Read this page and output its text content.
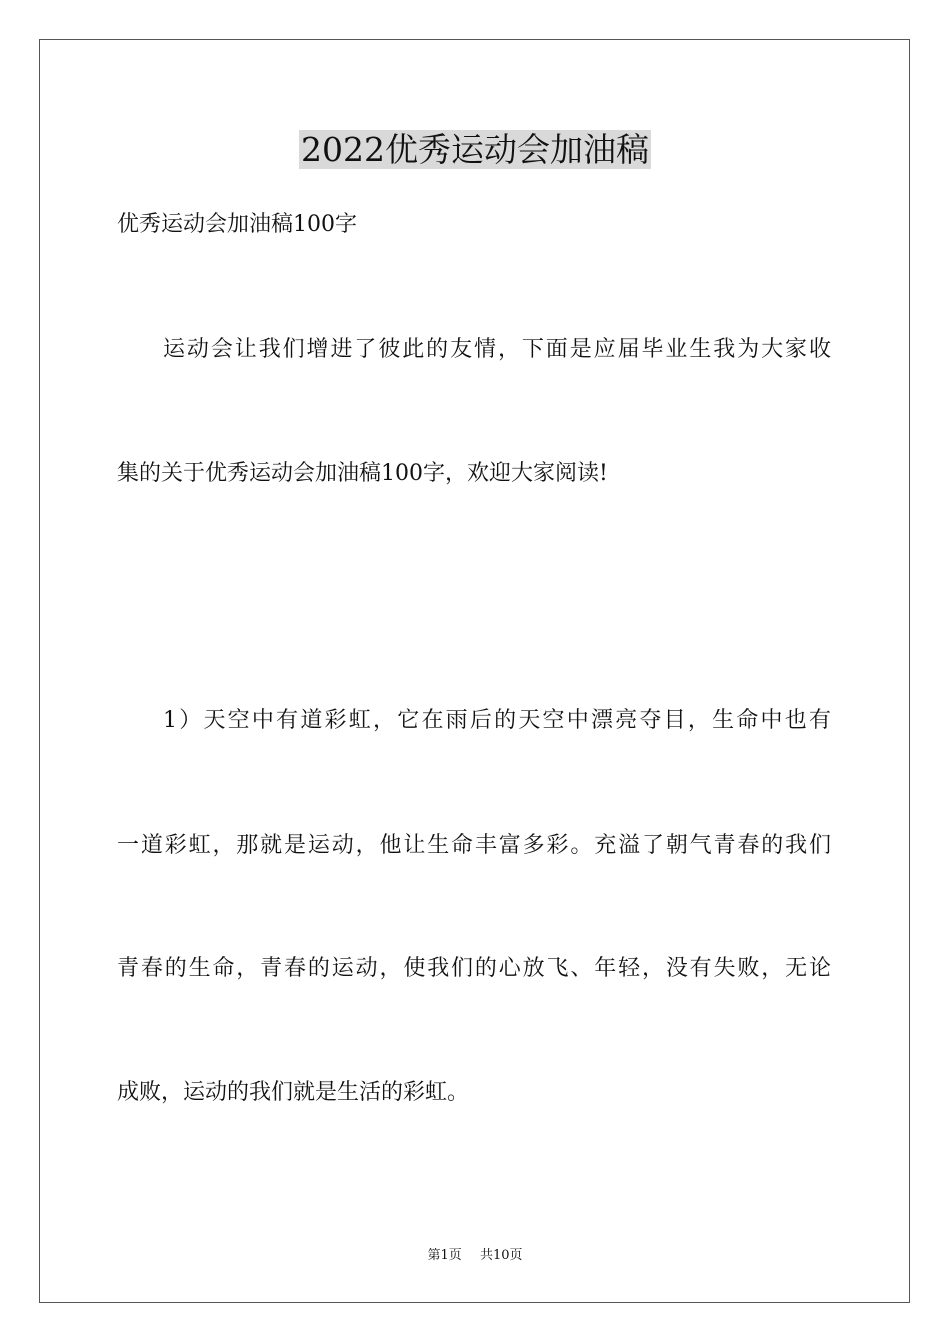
2022优秀运动会加油稿
优秀运动会加油稿100字
运动会让我们增进了彼此的友情，下面是应届毕业生我为大家收
集的关于优秀运动会加油稿100字，欢迎大家阅读!
1）天空中有道彩虹，它在雨后的天空中漂亮夺目，生命中也有
一道彩虹，那就是运动，他让生命丰富多彩。充溢了朝气青春的我们
青春的生命，青春的运动，使我们的心放飞、年轻，没有失败，无论
成败，运动的我们就是生活的彩虹。
第1页 共10页
